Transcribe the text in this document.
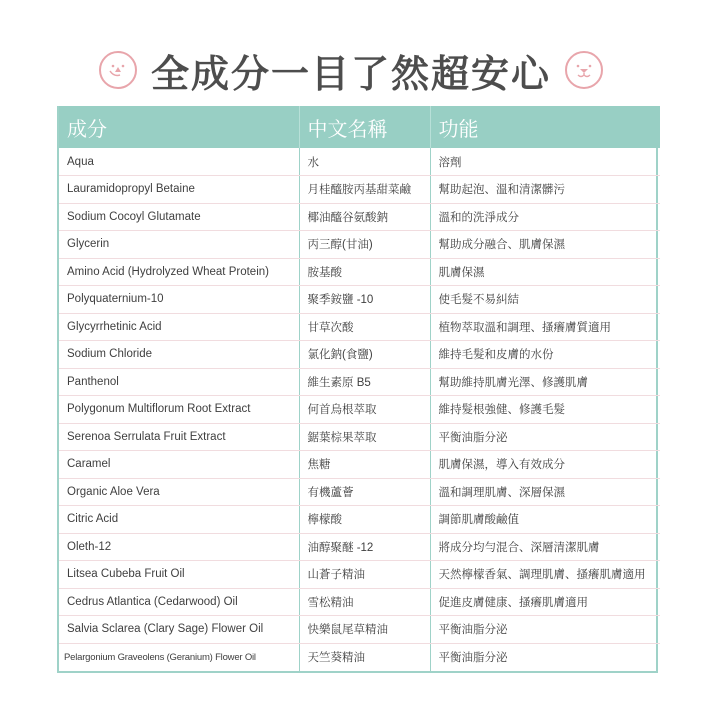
全成分一目了然超安心
成分	中文名稱	功能
Aqua	水	溶劑
Lauramidopropyl Betaine	月桂醯胺丙基甜菜鹼	幫助起泡、溫和清潔髒污
Sodium Cocoyl Glutamate	椰油醯谷氨酸鈉	溫和的洗淨成分
Glycerin	丙三醇(甘油)	幫助成分融合、肌膚保濕
Amino Acid (Hydrolyzed Wheat Protein)	胺基酸	肌膚保濕
Polyquaternium-10	聚季銨鹽 -10	使毛髮不易糾結
Glycyrrhetinic Acid	甘草次酸	植物萃取溫和調理、搔癢膚質適用
Sodium Chloride	氯化鈉(食鹽)	維持毛髮和皮膚的水份
Panthenol	維生素原 B5	幫助維持肌膚光澤、修護肌膚
Polygonum Multiflorum Root Extract	何首烏根萃取	維持髮根強健、修護毛髮
Serenoa Serrulata Fruit Extract	鋸葉棕果萃取	平衡油脂分泌
Caramel	焦糖	肌膚保濕，導入有效成分
Organic Aloe Vera	有機蘆薈	溫和調理肌膚、深層保濕
Citric Acid	檸檬酸	調節肌膚酸鹼值
Oleth-12	油醇聚醚 -12	將成分均勻混合、深層清潔肌膚
Litsea Cubeba Fruit Oil	山蒼子精油	天然檸檬香氣、調理肌膚、搔癢肌膚適用
Cedrus Atlantica (Cedarwood) Oil	雪松精油	促進皮膚健康、搔癢肌膚適用
Salvia Sclarea (Clary Sage) Flower Oil	快樂鼠尾草精油	平衡油脂分泌
Pelargonium Graveolens (Geranium) Flower Oil	天竺葵精油	平衡油脂分泌
